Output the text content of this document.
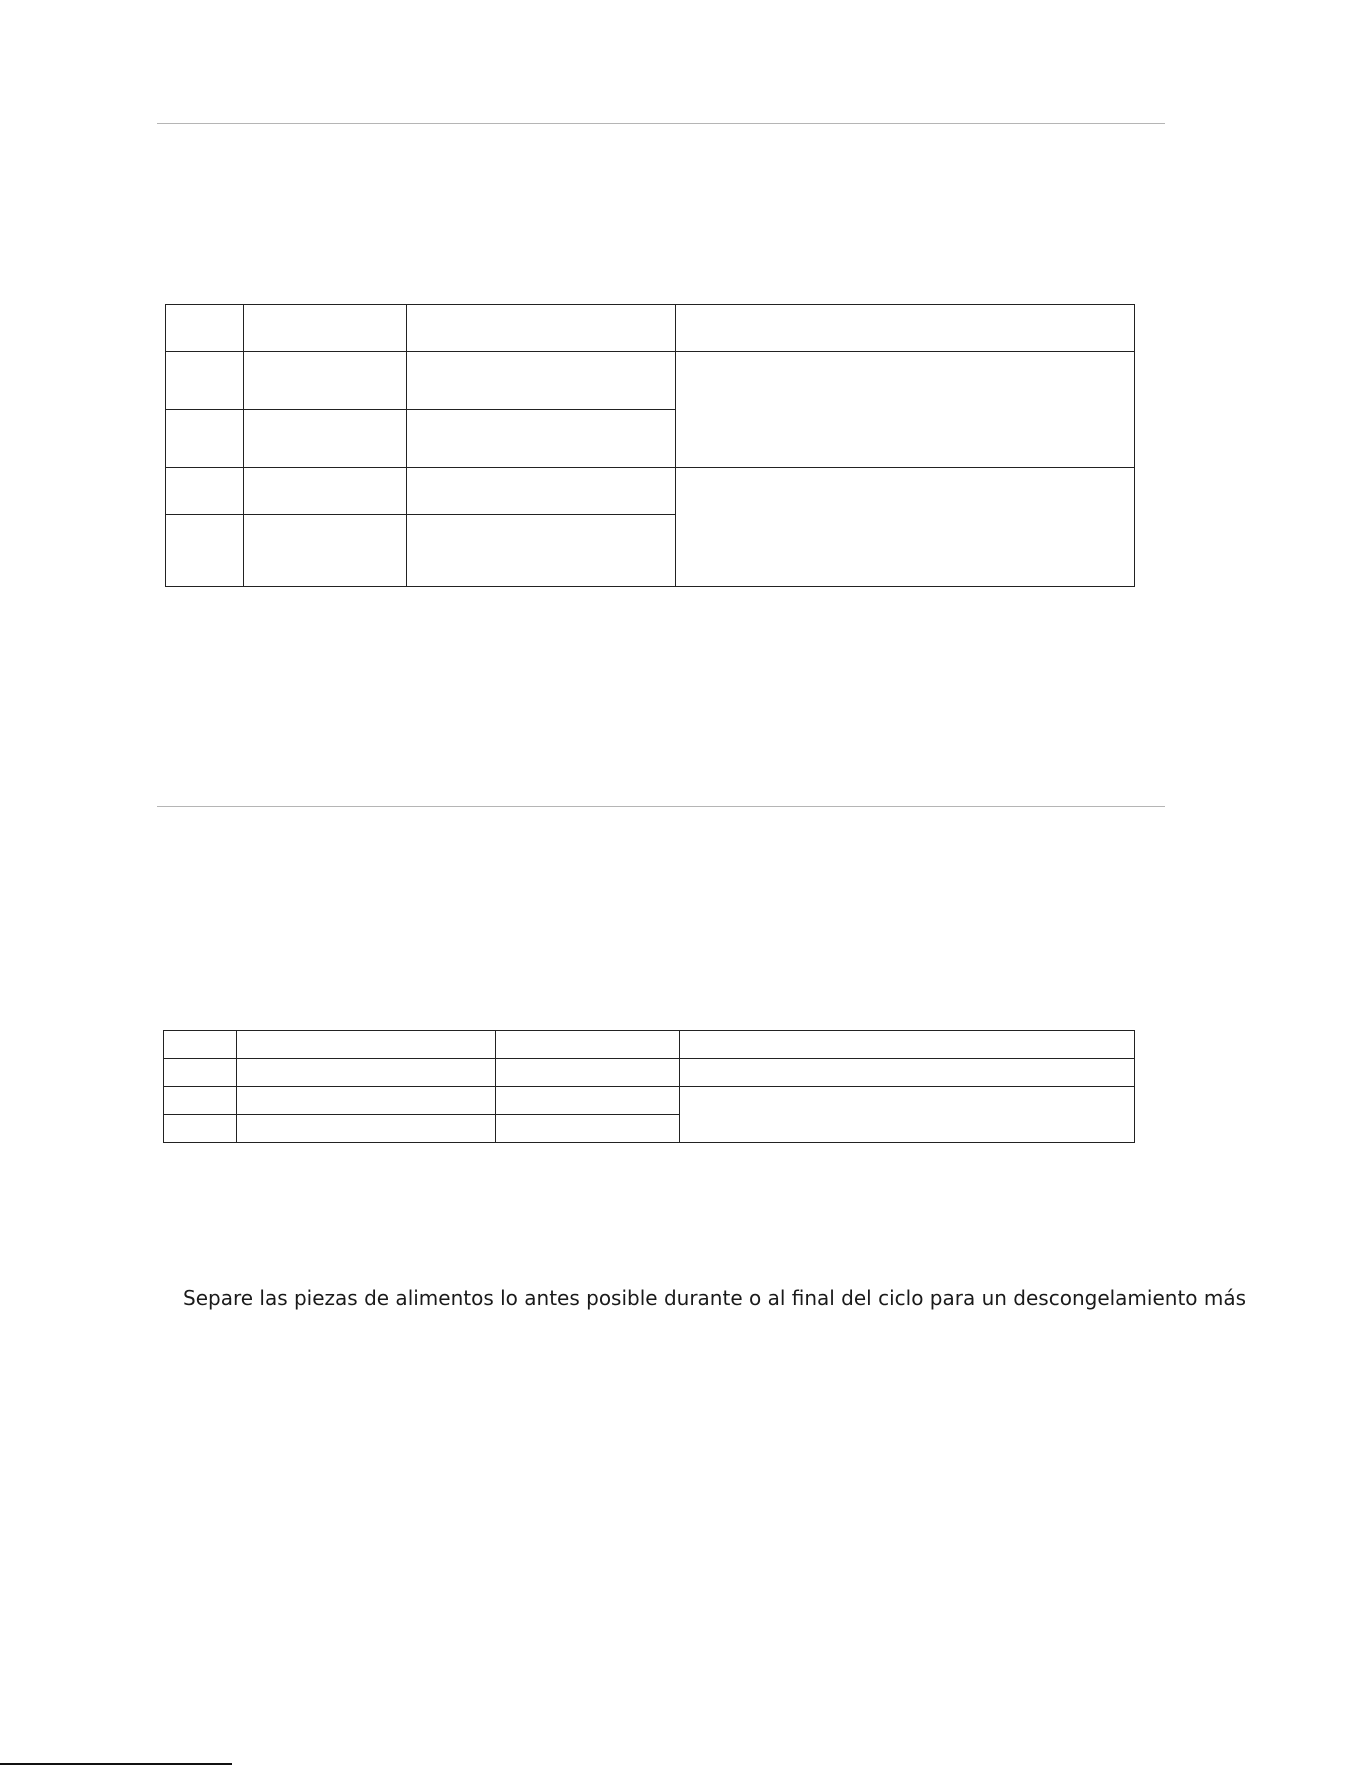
Separe las piezas de alimentos lo antes posible durante o al final del ciclo para un descongelamiento más
